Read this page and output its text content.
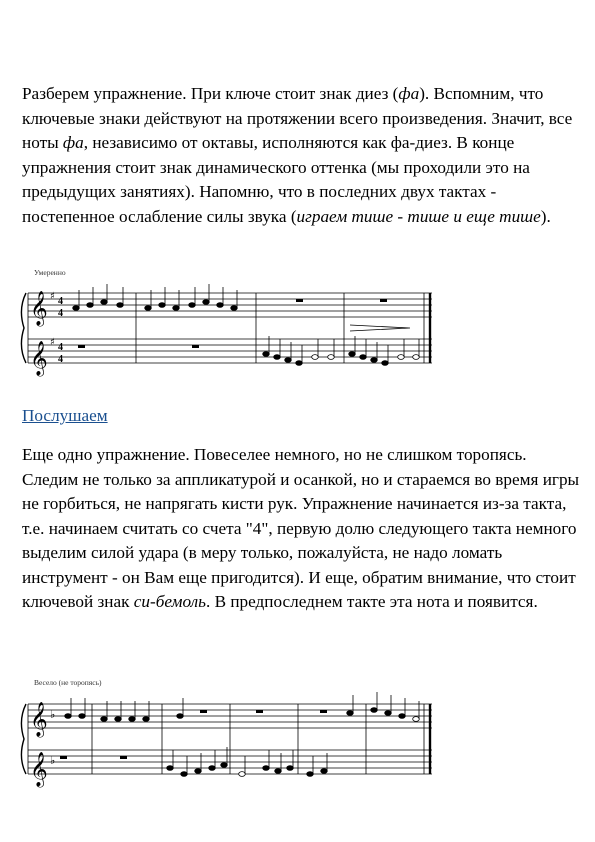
Разберем упражнение. При ключе стоит знак диез (фа). Вспомним, что ключевые знаки действуют на протяжении всего произведения. Значит, все ноты фа, независимо от октавы, исполняются как фа-диез. В конце упражнения стоит знак динамического оттенка (мы проходили это на предыдущих занятиях). Напомню, что в последних двух тактах - постепенное ослабление силы звука (играем тише - тише и еще тише).

Умеренно
𝄞
𝄞
♯
♯
4
4
4
4
Послушаем

Еще одно упражнение. Повеселее немного, но не слишком торопясь. Следим не только за аппликатурой и осанкой, но и стараемся во время игры не горбиться, не напрягать кисти рук. Упражнение начинается из-за такта, т.е. начинаем считать со счета "4", первую долю следующего такта немного выделим силой удара (в меру только, пожалуйста, не надо ломать инструмент - он Вам еще пригодится). И еще, обратим внимание, что стоит ключевой знак си-бемоль. В предпоследнем такте эта нота и появится.

Весело (не торопясь)
𝄞
𝄞
♭
♭
